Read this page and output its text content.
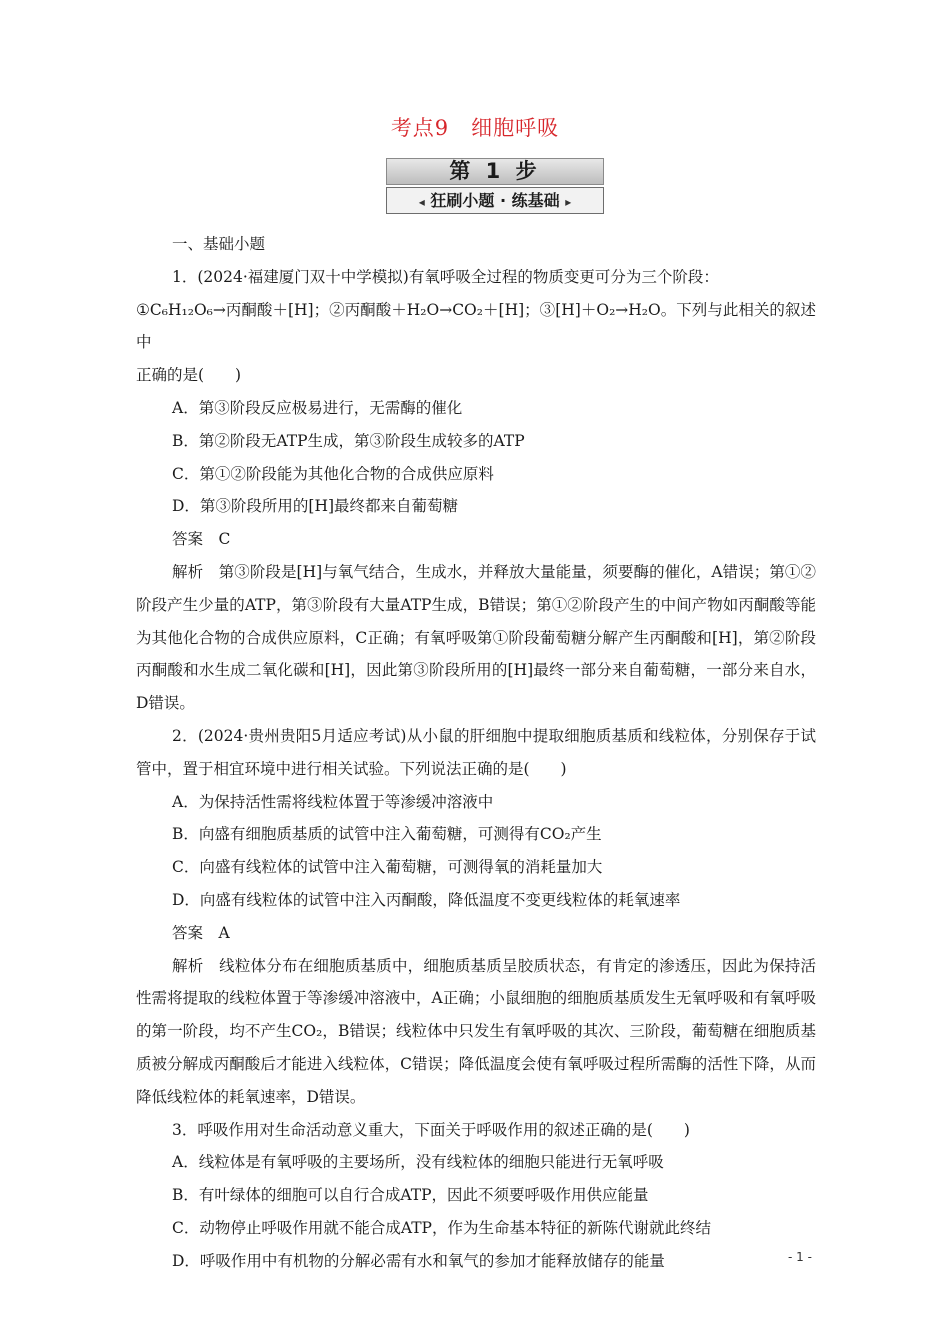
考点9　细胞呼吸
第 1 步
◂ 狂刷小题 · 练基础 ▸

一、基础小题

1．(2024·福建厦门双十中学模拟)有氧呼吸全过程的物质变更可分为三个阶段：

①C₆H₁₂O₆→丙酮酸＋[H]；②丙酮酸＋H₂O→CO₂＋[H]；③[H]＋O₂→H₂O。下列与此相关的叙述中

正确的是(　　)

A．第③阶段反应极易进行，无需酶的催化

B．第②阶段无ATP生成，第③阶段生成较多的ATP

C．第①②阶段能为其他化合物的合成供应原料

D．第③阶段所用的[H]最终都来自葡萄糖

答案　C

解析　第③阶段是[H]与氧气结合，生成水，并释放大量能量，须要酶的催化，A错误；第①②阶段产生少量的ATP，第③阶段有大量ATP生成，B错误；第①②阶段产生的中间产物如丙酮酸等能为其他化合物的合成供应原料，C正确；有氧呼吸第①阶段葡萄糖分解产生丙酮酸和[H]，第②阶段丙酮酸和水生成二氧化碳和[H]，因此第③阶段所用的[H]最终一部分来自葡萄糖，一部分来自水，D错误。

2．(2024·贵州贵阳5月适应考试)从小鼠的肝细胞中提取细胞质基质和线粒体，分别保存于试管中，置于相宜环境中进行相关试验。下列说法正确的是(　　)

A．为保持活性需将线粒体置于等渗缓冲溶液中

B．向盛有细胞质基质的试管中注入葡萄糖，可测得有CO₂产生

C．向盛有线粒体的试管中注入葡萄糖，可测得氧的消耗量加大

D．向盛有线粒体的试管中注入丙酮酸，降低温度不变更线粒体的耗氧速率

答案　A

解析　线粒体分布在细胞质基质中，细胞质基质呈胶质状态，有肯定的渗透压，因此为保持活性需将提取的线粒体置于等渗缓冲溶液中，A正确；小鼠细胞的细胞质基质发生无氧呼吸和有氧呼吸的第一阶段，均不产生CO₂，B错误；线粒体中只发生有氧呼吸的其次、三阶段，葡萄糖在细胞质基质被分解成丙酮酸后才能进入线粒体，C错误；降低温度会使有氧呼吸过程所需酶的活性下降，从而降低线粒体的耗氧速率，D错误。

3．呼吸作用对生命活动意义重大，下面关于呼吸作用的叙述正确的是(　　)

A．线粒体是有氧呼吸的主要场所，没有线粒体的细胞只能进行无氧呼吸

B．有叶绿体的细胞可以自行合成ATP，因此不须要呼吸作用供应能量

C．动物停止呼吸作用就不能合成ATP，作为生命基本特征的新陈代谢就此终结

D．呼吸作用中有机物的分解必需有水和氧气的参加才能释放储存的能量	- 1 -
